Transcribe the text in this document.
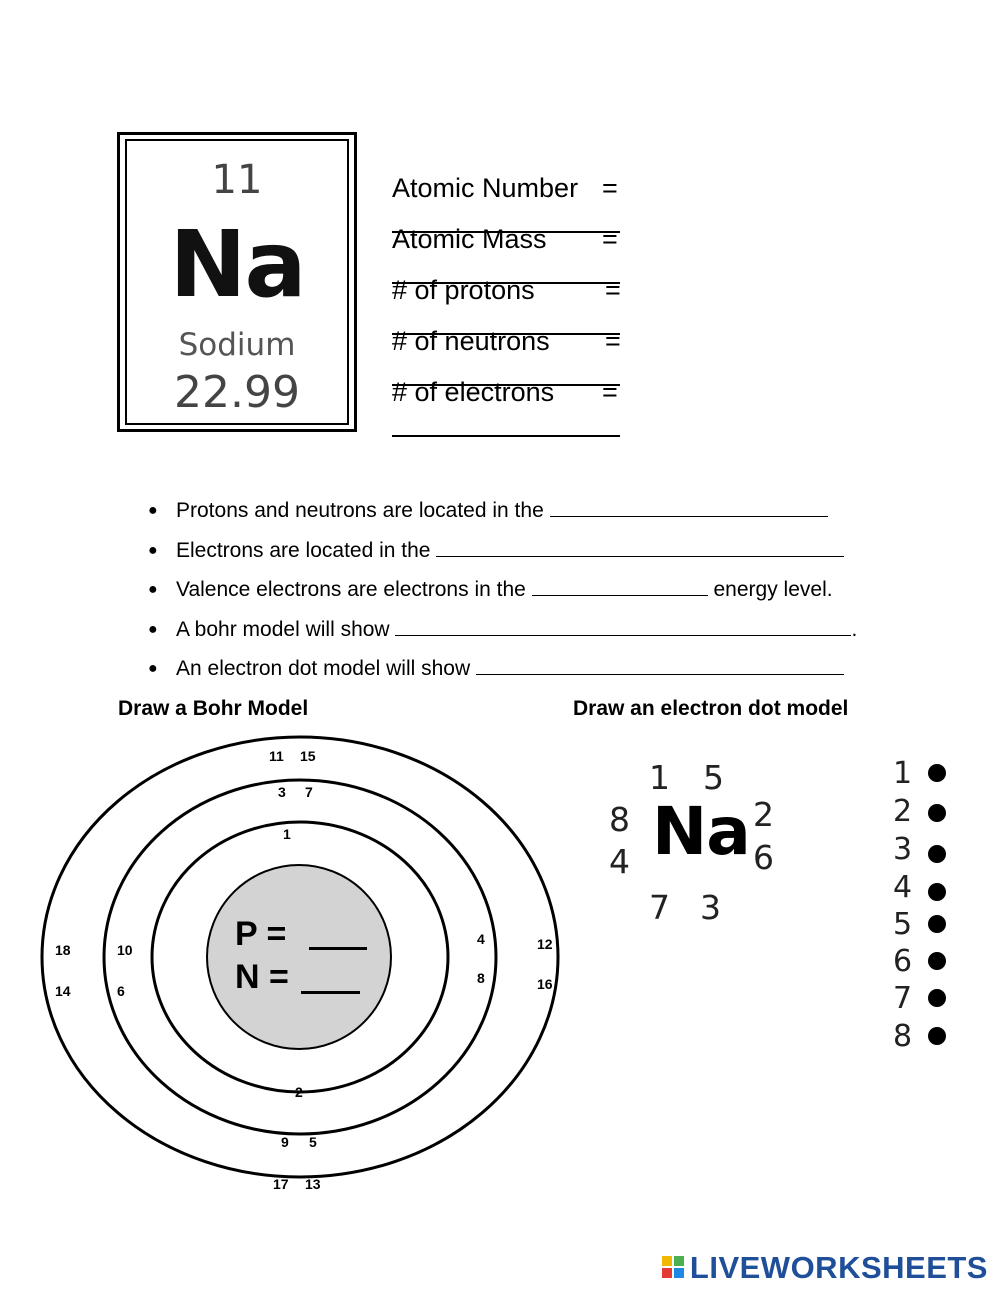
11
Na
Sodium
22.99

Atomic Number =

Atomic Mass =

# of protons	=

# of neutrons =

# of electrons =

● Protons and neutrons are located in the
● Electrons are located in the
● Valence electrons are electrons in the	energy level.
● A bohr model will show	.
● An electron dot model will show
Draw a Bohr Model	Draw an electron dot model
P =
N =
11 15
3 7
1
18
14
10
6
4
8
12
16
2
9 5
17 13
Na
1 5
8
4
2
6
7 3
1
2
3
4
5
6
7
8
LIVEWORKSHEETS
